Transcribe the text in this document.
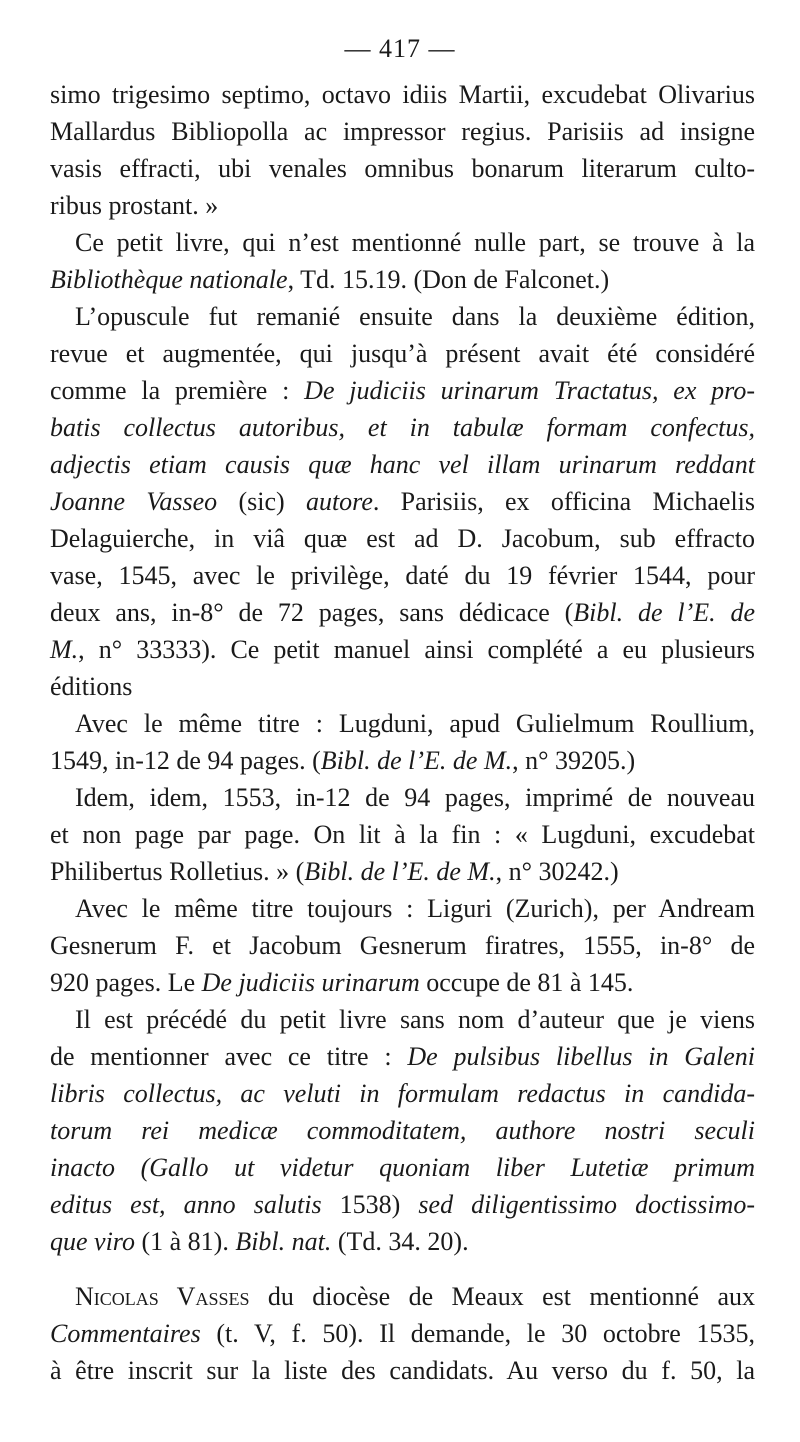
— 417 —
simo trigesimo septimo, octavo idiis Martii, excudebat Olivarius
Mallardus Bibliopolla ac impressor regius. Parisiis ad insigne
vasis effracti, ubi venales omnibus bonarum literarum culto-
ribus prostant. »
Ce petit livre, qui n’est mentionné nulle part, se trouve à la
Bibliothèque nationale, Td. 15.19. (Don de Falconet.)
L’opuscule fut remanié ensuite dans la deuxième édition,
revue et augmentée, qui jusqu’à présent avait été considéré
comme la première : De judiciis urinarum Tractatus, ex pro-
batis collectus autoribus, et in tabulæ formam confectus,
adjectis etiam causis quæ hanc vel illam urinarum reddant
Joanne Vasseo (sic) autore. Parisiis, ex officina Michaelis
Delaguierche, in viâ quæ est ad D. Jacobum, sub effracto
vase, 1545, avec le privilège, daté du 19 février 1544, pour
deux ans, in-8° de 72 pages, sans dédicace (Bibl. de l’E. de
M., n° 33333). Ce petit manuel ainsi complété a eu plusieurs
éditions
Avec le même titre : Lugduni, apud Gulielmum Roullium,
1549, in-12 de 94 pages. (Bibl. de l’E. de M., n° 39205.)
Idem, idem, 1553, in-12 de 94 pages, imprimé de nouveau
et non page par page. On lit à la fin : « Lugduni, excudebat
Philibertus Rolletius. » (Bibl. de l’E. de M., n° 30242.)
Avec le même titre toujours : Liguri (Zurich), per Andream
Gesnerum F. et Jacobum Gesnerum firatres, 1555, in-8° de
920 pages. Le De judiciis urinarum occupe de 81 à 145.
Il est précédé du petit livre sans nom d’auteur que je viens
de mentionner avec ce titre : De pulsibus libellus in Galeni
libris collectus, ac veluti in formulam redactus in candida-
torum rei medicæ commoditatem, authore nostri seculi
inacto (Gallo ut videtur quoniam liber Lutetiæ primum
editus est, anno salutis 1538) sed diligentissimo doctissimo-
que viro (1 à 81). Bibl. nat. (Td. 34. 20).
Nicolas Vasses du diocèse de Meaux est mentionné aux
Commentaires (t. V, f. 50). Il demande, le 30 octobre 1535,
à être inscrit sur la liste des candidats. Au verso du f. 50, la
